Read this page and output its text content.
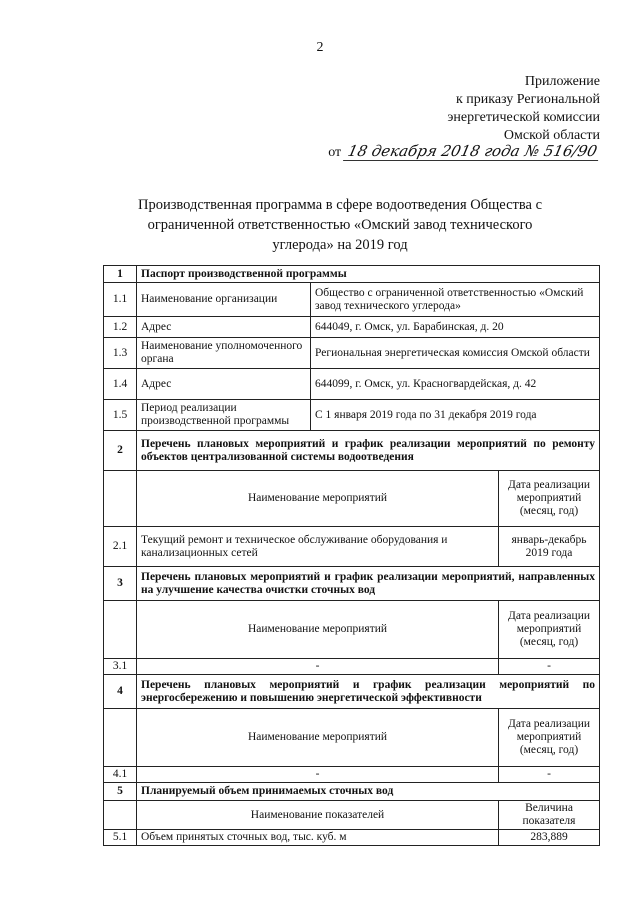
2
Приложение
к приказу Региональной
энергетической комиссии
Омской области
от 18 декабря 2018 года № 516/90
Производственная программа в сфере водоотведения Общества с ограниченной ответственностью «Омский завод технического углерода» на 2019 год
1	Паспорт производственной программы		
1.1	Наименование организации	Общество с ограниченной ответственностью «Омский завод технического углерода»	
1.2	Адрес	644049, г. Омск, ул. Барабинская, д. 20	
1.3	Наименование уполномоченного органа	Региональная энергетическая комиссия Омской области	
1.4	Адрес	644099, г. Омск, ул. Красногвардейская, д. 42	
1.5	Период реализации производственной программы	С 1 января 2019 года по 31 декабря 2019 года	
2	Перечень плановых мероприятий и график реализации мероприятий по ремонту объектов централизованной системы водоотведения		
	Наименование мероприятий		Дата реализации мероприятий (месяц, год)
2.1	Текущий ремонт и техническое обслуживание оборудования и канализационных сетей		январь-декабрь 2019 года
3	Перечень плановых мероприятий и график реализации мероприятий, направленных на улучшение качества очистки сточных вод		
	Наименование мероприятий		Дата реализации мероприятий (месяц, год)
3.1	-		-
4	Перечень плановых мероприятий и график реализации мероприятий по энергосбережению и повышению энергетической эффективности		
	Наименование мероприятий		Дата реализации мероприятий (месяц, год)
4.1	-		-
5	Планируемый объем принимаемых сточных вод		
	Наименование показателей		Величина показателя
5.1	Объем принятых сточных вод, тыс. куб. м		283,889
